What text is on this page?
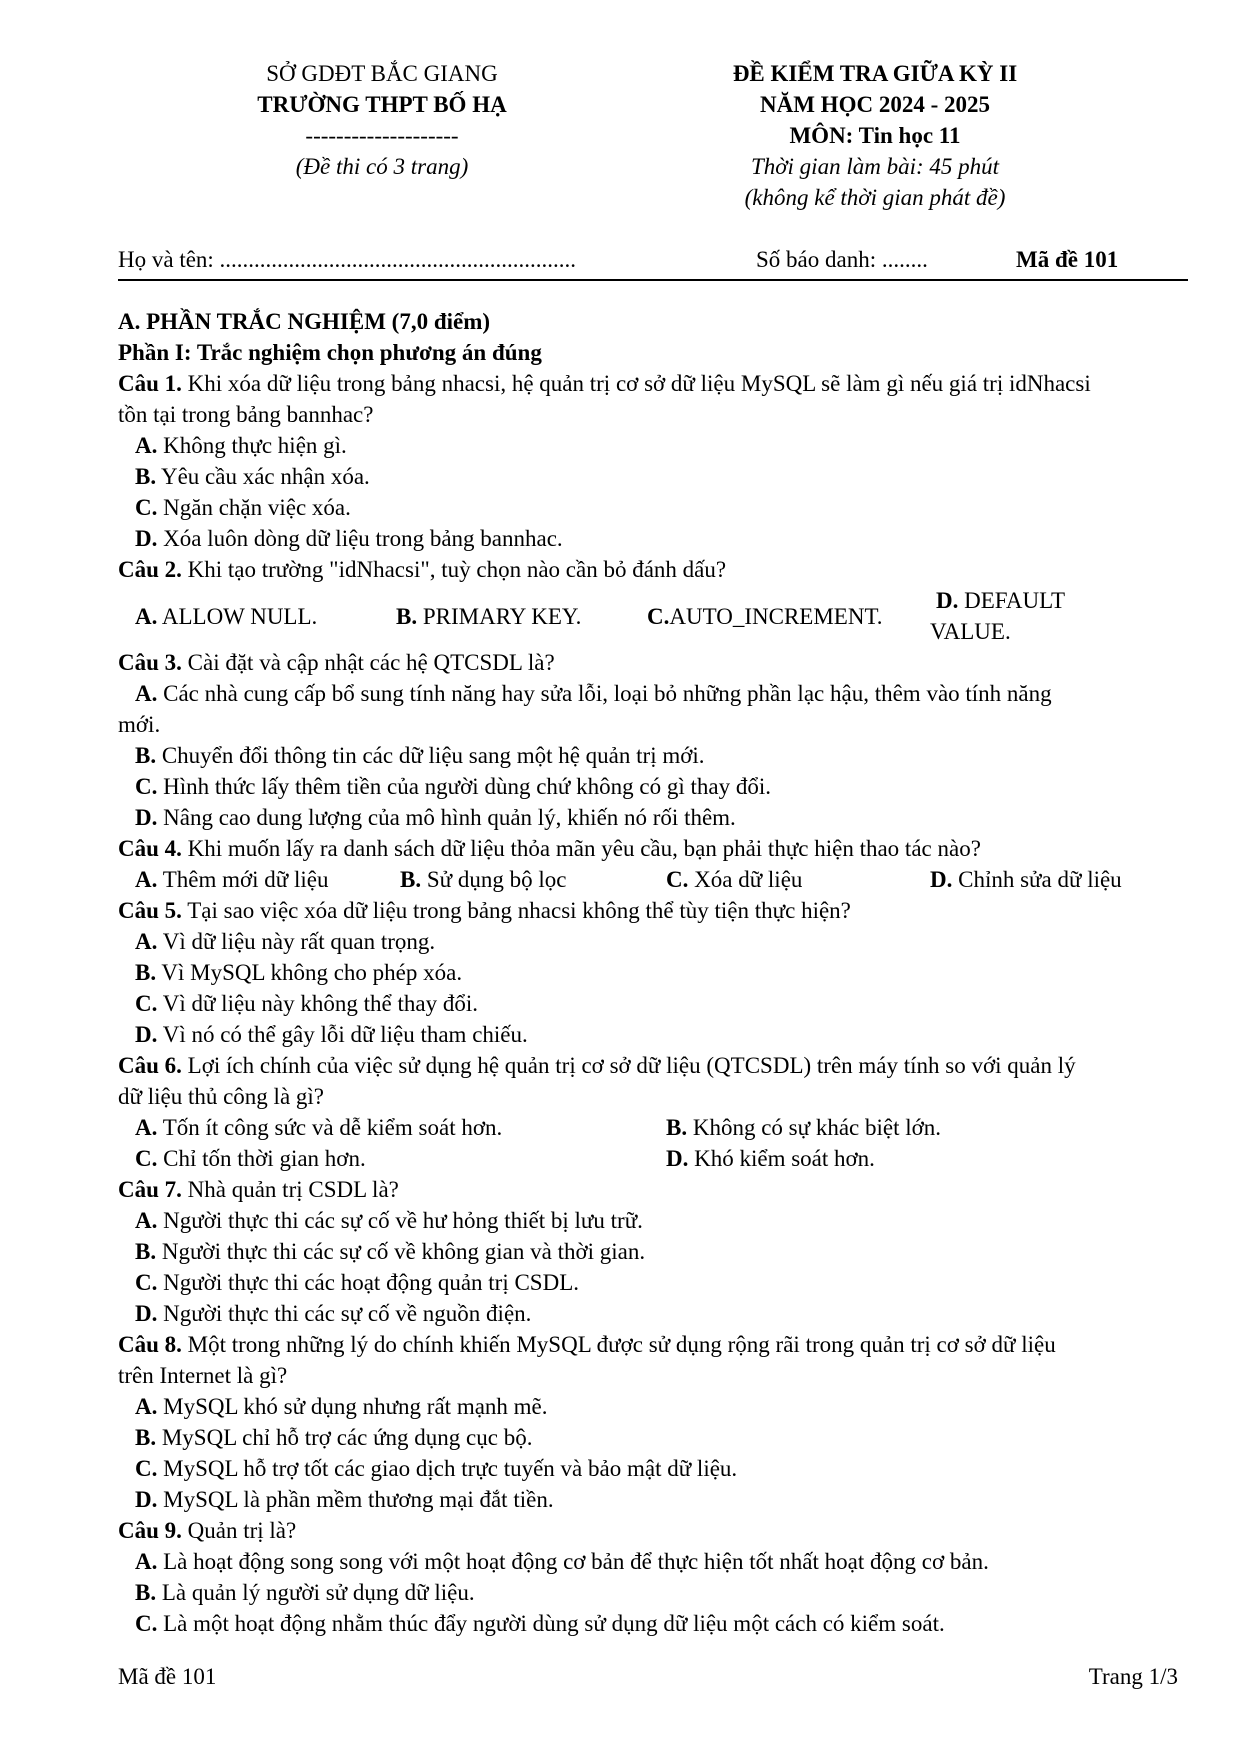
SỞ GDĐT BẮC GIANG
TRƯỜNG THPT BỐ HẠ
--------------------
(Đề thi có 3 trang)
ĐỀ KIỂM TRA GIỮA KỲ II
NĂM HỌC 2024 - 2025
MÔN: Tin học 11
Thời gian làm bài: 45 phút
(không kể thời gian phát đề)
Họ và tên: ..............................................................	Số báo danh: ........	Mã đề 101
A. PHẦN TRẮC NGHIỆM (7,0 điểm)
Phần I: Trắc nghiệm chọn phương án đúng
Câu 1. Khi xóa dữ liệu trong bảng nhacsi, hệ quản trị cơ sở dữ liệu MySQL sẽ làm gì nếu giá trị idNhacsi
tồn tại trong bảng bannhac?
A. Không thực hiện gì.
B. Yêu cầu xác nhận xóa.
C. Ngăn chặn việc xóa.
D. Xóa luôn dòng dữ liệu trong bảng bannhac.
Câu 2. Khi tạo trường "idNhacsi", tuỳ chọn nào cần bỏ đánh dấu?
A. ALLOW NULL.	B. PRIMARY KEY.	C.AUTO_INCREMENT.
D. DEFAULT
VALUE.
Câu 3. Cài đặt và cập nhật các hệ QTCSDL là?
A. Các nhà cung cấp bổ sung tính năng hay sửa lỗi, loại bỏ những phần lạc hậu, thêm vào tính năng
mới.
B. Chuyển đổi thông tin các dữ liệu sang một hệ quản trị mới.
C. Hình thức lấy thêm tiền của người dùng chứ không có gì thay đổi.
D. Nâng cao dung lượng của mô hình quản lý, khiến nó rối thêm.
Câu 4. Khi muốn lấy ra danh sách dữ liệu thỏa mãn yêu cầu, bạn phải thực hiện thao tác nào?
A. Thêm mới dữ liệu	B. Sử dụng bộ lọc	C. Xóa dữ liệu	D. Chỉnh sửa dữ liệu
Câu 5. Tại sao việc xóa dữ liệu trong bảng nhacsi không thể tùy tiện thực hiện?
A. Vì dữ liệu này rất quan trọng.
B. Vì MySQL không cho phép xóa.
C. Vì dữ liệu này không thể thay đổi.
D. Vì nó có thể gây lỗi dữ liệu tham chiếu.
Câu 6. Lợi ích chính của việc sử dụng hệ quản trị cơ sở dữ liệu (QTCSDL) trên máy tính so với quản lý
dữ liệu thủ công là gì?
A. Tốn ít công sức và dễ kiểm soát hơn.	B. Không có sự khác biệt lớn.
C. Chỉ tốn thời gian hơn.	D. Khó kiểm soát hơn.
Câu 7. Nhà quản trị CSDL là?
A. Người thực thi các sự cố về hư hỏng thiết bị lưu trữ.
B. Người thực thi các sự cố về không gian và thời gian.
C. Người thực thi các hoạt động quản trị CSDL.
D. Người thực thi các sự cố về nguồn điện.
Câu 8. Một trong những lý do chính khiến MySQL được sử dụng rộng rãi trong quản trị cơ sở dữ liệu
trên Internet là gì?
A. MySQL khó sử dụng nhưng rất mạnh mẽ.
B. MySQL chỉ hỗ trợ các ứng dụng cục bộ.
C. MySQL hỗ trợ tốt các giao dịch trực tuyến và bảo mật dữ liệu.
D. MySQL là phần mềm thương mại đắt tiền.
Câu 9. Quản trị là?
A. Là hoạt động song song với một hoạt động cơ bản để thực hiện tốt nhất hoạt động cơ bản.
B. Là quản lý người sử dụng dữ liệu.
C. Là một hoạt động nhằm thúc đẩy người dùng sử dụng dữ liệu một cách có kiểm soát.
Mã đề 101	Trang 1/3
